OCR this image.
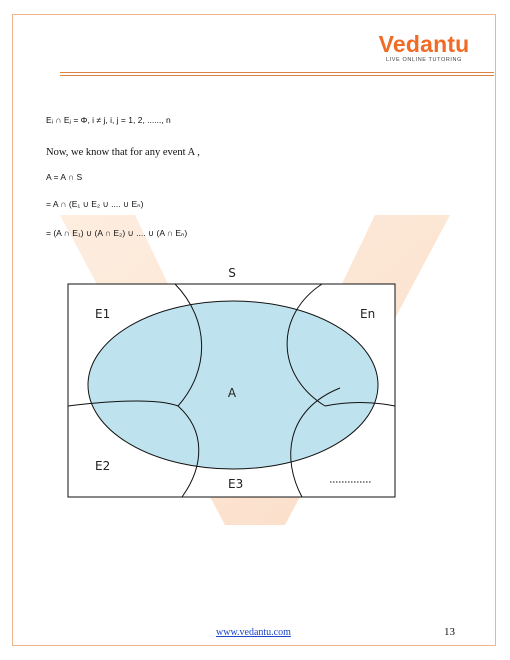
Vedantu
LIVE ONLINE TUTORING
Eᵢ ∩ Eⱼ = Φ, i ≠ j, i, j = 1, 2, ......, n
Now, we know that for any event A ,
A = A ∩ S
= A ∩ (E₁ ∪ E₂ ∪ .... ∪ Eₙ)
= (A ∩ E₁) ∪ (A ∩ E₂) ∪ .... ∪ (A ∩ Eₙ)
S
E1	En
A
E2
E3
www.vedantu.com	13
